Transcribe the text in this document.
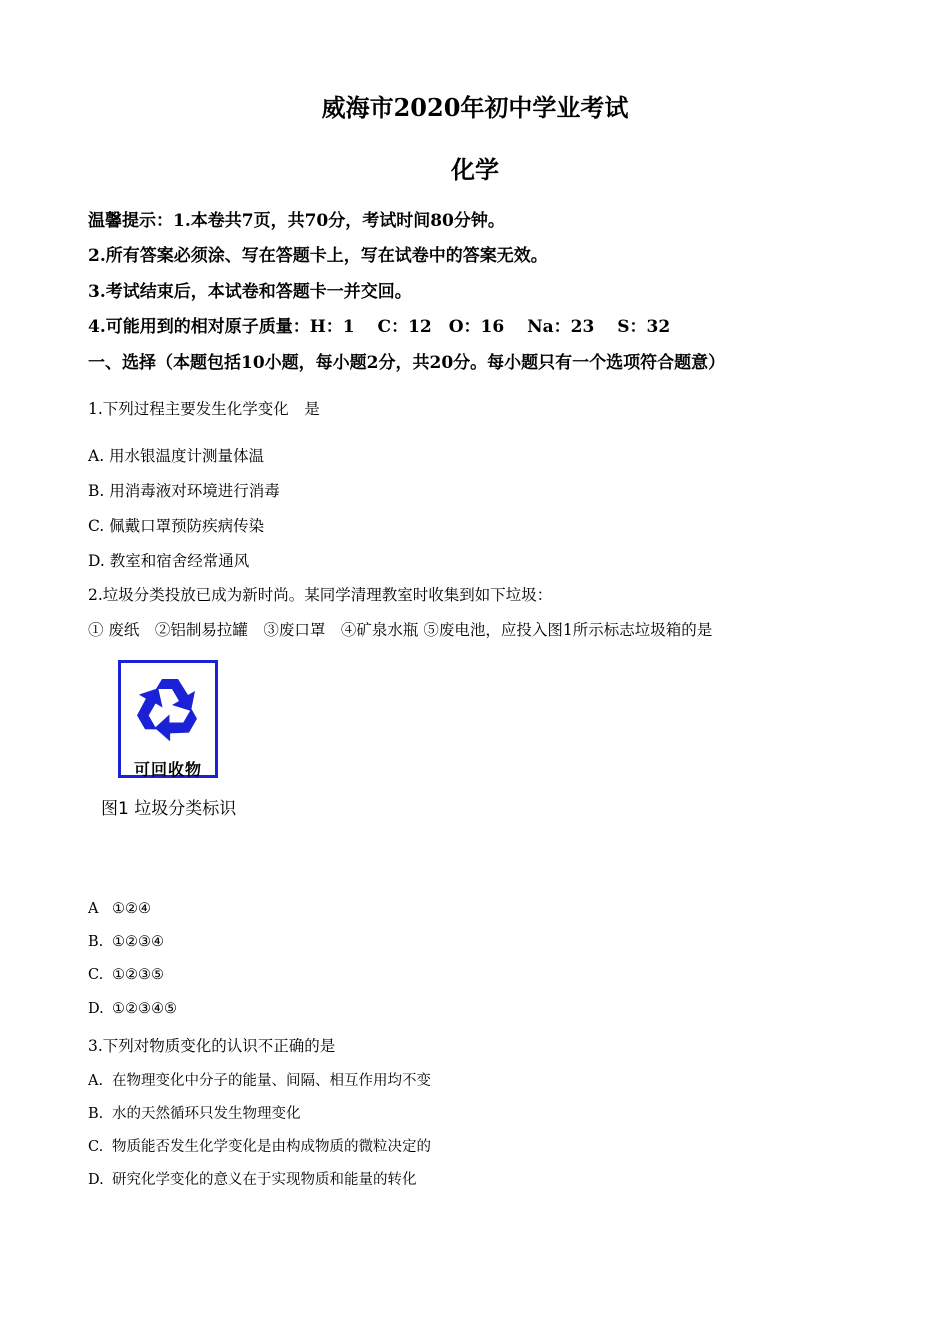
威海市2020年初中学业考试
化学
温馨提示：1.本卷共7页，共70分，考试时间80分钟。
2.所有答案必须涂、写在答题卡上，写在试卷中的答案无效。
3.考试结束后，本试卷和答题卡一并交回。
4.可能用到的相对原子质量：H：1　 C：12　O：16　 Na：23　 S：32
一、选择（本题包括10小题，每小题2分，共20分。每小题只有一个选项符合题意）
1.下列过程主要发生化学变化　是
A. 用水银温度计测量体温
B. 用消毒液对环境进行消毒
C. 佩戴口罩预防疾病传染
D. 教室和宿舍经常通风
2.垃圾分类投放已成为新时尚。某同学清理教室时收集到如下垃圾：
① 废纸　②铝制易拉罐　③废口罩　④矿泉水瓶 ⑤废电池，应投入图1所示标志垃圾箱的是
可回收物
图1 垃圾分类标识
A ①②④
B. ①②③④
C. ①②③⑤
D. ①②③④⑤
3.下列对物质变化的认识不正确的是
A. 在物理变化中分子的能量、间隔、相互作用均不变
B. 水的天然循环只发生物理变化
C. 物质能否发生化学变化是由构成物质的微粒决定的
D. 研究化学变化的意义在于实现物质和能量的转化
